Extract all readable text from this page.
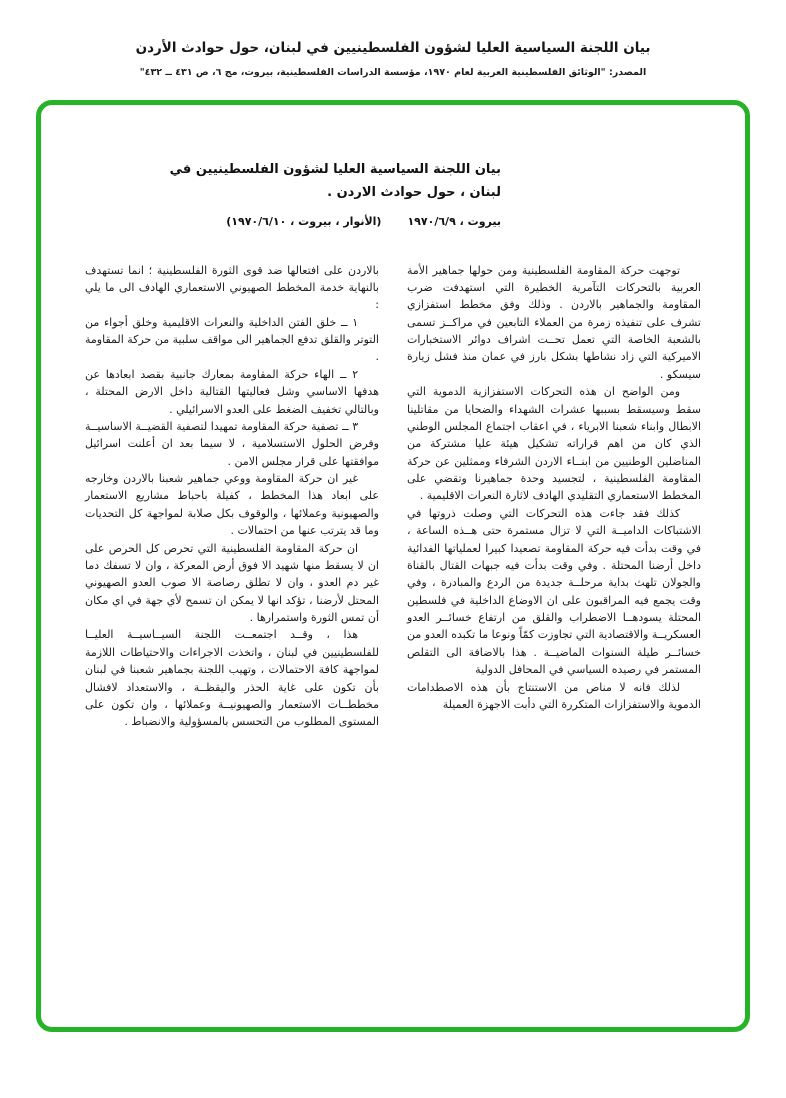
بيان اللجنة السياسية العليا لشؤون الفلسطينيين في لبنان، حول حوادث الأردن

المصدر: "الوثائق الفلسطينية العربية لعام ١٩٧٠، مؤسسة الدراسات الفلسطينية، بيروت، مج ٦، ص ٤٣١ ــ ٤٣٢"

بيان اللجنة السياسية العليا لشؤون الفلسطينيين في

لبنان ، حول حوادث الاردن .

بيروت ، ١٩٧٠/٦/٩
(الأنوار ، بيروت ، ١٩٧٠/٦/١٠)

توجهت حركة المقاومة الفلسطينية ومن حولها جماهير الأمة العربية بالتحركات التآمرية الخطيرة التي استهدفت ضرب المقاومة والجماهير بالاردن . وذلك وفق مخطط استفزازي تشرف على تنفيذه زمرة من العملاء التابعين في مراكــز تسمى بالشعبة الخاصة التي تعمل تحــت اشراف دوائر الاستخبارات الاميركية التي زاد نشاطها بشكل بارز في عمان منذ فشل زيارة سيسكو .

ومن الواضح ان هذه التحركات الاستفزازية الدموية التي سقط وسيسقط بسببها عشرات الشهداء والضحايا من مقاتلينا الابطال وابناء شعبنا الابرياء ، في اعقاب اجتماع المجلس الوطني الذي كان من اهم قراراته تشكيل هيئة عليا مشتركة من المناضلين الوطنيين من ابنــاء الاردن الشرفاء وممثلين عن حركة المقاومة الفلسطينية ، لتجسيد وحدة جماهيرنا وتقضي على المخطط الاستعماري التقليدي الهادف لاثارة النعرات الاقليمية .

كذلك فقد جاءت هذه التحركات التي وصلت ذروتها في الاشتباكات الداميــة التي لا تزال مستمرة حتى هــذه الساعة ، في وقت بدأت فيه حركة المقاومة تصعيدا كبيرا لعملياتها الفدائية داخل أرضنا المحتلة . وفي وقت بدأت فيه جبهات القتال بالقناة والجولان تلهث بداية مرحلــة جديدة من الردع والمبادرة ، وفي وقت يجمع فيه المراقبون على ان الاوضاع الداخلية في فلسطين المحتلة يسودهــا الاضطراب والقلق من ارتفاع خسائــر العدو العسكريــة والاقتصادية التي تجاوزت كمّاً ونوعا ما تكبده العدو من خسائــر طيلة السنوات الماضيــة . هذا بالاضافة الى التقلص المستمر في رصيده السياسي في المحافل الدولية

لذلك فانه لا مناص من الاستنتاج بأن هذه الاصطدامات الدموية والاستفزازات المتكررة التي دأبت الاجهزة العميلة

بالاردن على افتعالها ضد قوى الثورة الفلسطينية ؛ انما تستهدف بالنهاية خدمة المخطط الصهيوني الاستعماري الهادف الى ما يلي :

١ ــ خلق الفتن الداخلية والنعرات الاقليمية وخلق أجواء من التوتر والقلق تدفع الجماهير الى مواقف سلبية من حركة المقاومة .

٢ ــ الهاء حركة المقاومة بمعارك جانبية بقصد ابعادها عن هدفها الاساسي وشل فعاليتها القتالية داخل الارض المحتلة ، وبالتالي تخفيف الضغط على العدو الاسرائيلي .

٣ ــ تصفية حركة المقاومة تمهيدا لتصفية القضيــة الاساسيــة وفرض الحلول الاستسلامية ، لا سيما بعد ان أعلنت اسرائيل موافقتها على قرار مجلس الامن .

غير ان حركة المقاومة ووعي جماهير شعبنا بالاردن وخارجه على ابعاد هذا المخطط ، كفيلة باحباط مشاريع الاستعمار والصهيونية وعملائها ، والوقوف بكل صلابة لمواجهة كل التحديات وما قد يترتب عنها من احتمالات .

ان حركة المقاومة الفلسطينية التي تحرص كل الحرص على ان لا يسقط منها شهيد الا فوق أرض المعركة ، وان لا تسفك دما غير دم العدو ، وان لا تطلق رصاصة الا صوب العدو الصهيوني المحتل لأرضنا ، تؤكد انها لا يمكن ان تسمح لأي جهة في اي مكان أن تمس الثورة واستمرارها .

هذا ، وقــد اجتمعــت اللجنة السيــاسيــة العليــا للفلسطينيين في لبنان ، واتخذت الاجراءات والاحتياطات اللازمة لمواجهة كافة الاحتمالات ، وتهيب اللجنة بجماهير شعبنا في لبنان بأن تكون على غاية الحذر واليقظــة ، والاستعداد لافشال مخططــات الاستعمار والصهيونيــة وعملائها ، وان تكون على المستوى المطلوب من التحسس بالمسؤولية والانضباط .
